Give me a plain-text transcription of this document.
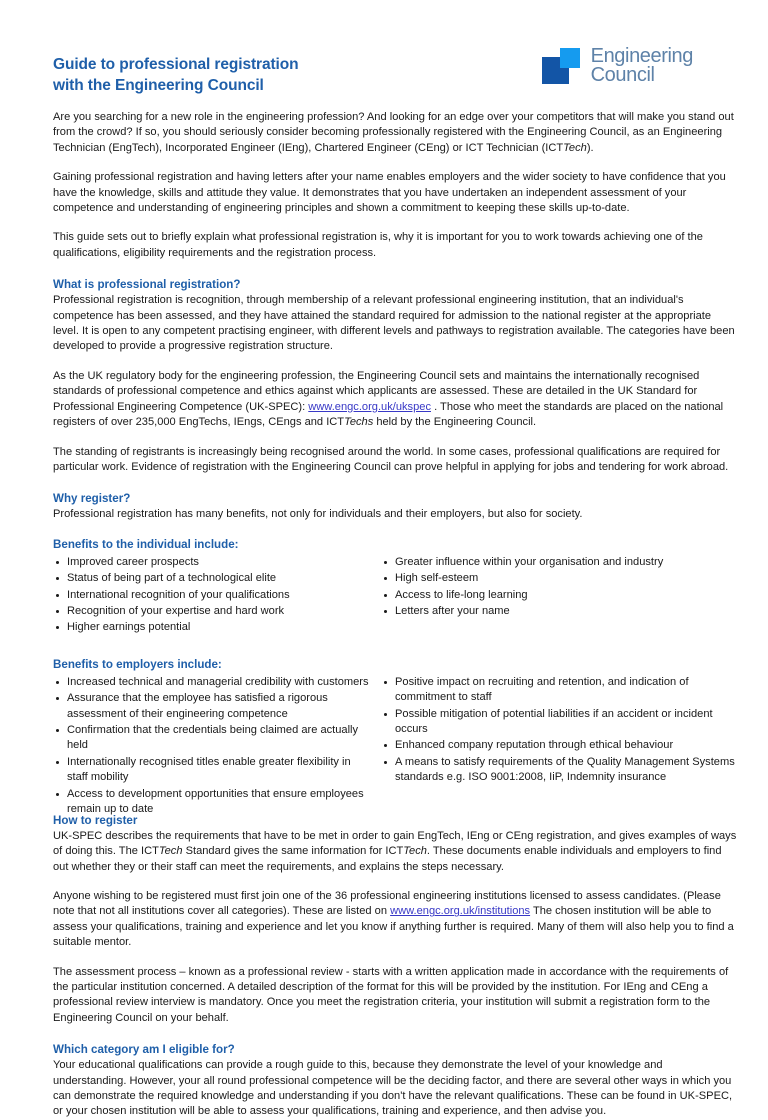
Guide to professional registration
with the Engineering Council
Engineering
Council

Are you searching for a new role in the engineering profession? And looking for an edge over your competitors that will make you stand out from the crowd? If so, you should seriously consider becoming professionally registered with the Engineering Council, as an Engineering Technician (EngTech), Incorporated Engineer (IEng), Chartered Engineer (CEng) or ICT Technician (ICTTech).

Gaining professional registration and having letters after your name enables employers and the wider society to have confidence that you have the knowledge, skills and attitude they value. It demonstrates that you have undertaken an independent assessment of your competence and understanding of engineering principles and shown a commitment to keeping these skills up-to-date.

This guide sets out to briefly explain what professional registration is, why it is important for you to work towards achieving one of the qualifications, eligibility requirements and the registration process.

What is professional registration?

Professional registration is recognition, through membership of a relevant professional engineering institution, that an individual's competence has been assessed, and they have attained the standard required for admission to the national register at the appropriate level. It is open to any competent practising engineer, with different levels and pathways to registration available. The categories have been developed to provide a progressive registration structure.

As the UK regulatory body for the engineering profession, the Engineering Council sets and maintains the internationally recognised standards of professional competence and ethics against which applicants are assessed. These are detailed in the UK Standard for Professional Engineering Competence (UK-SPEC): www.engc.org.uk/ukspec . Those who meet the standards are placed on the national registers of over 235,000 EngTechs, IEngs, CEngs and ICTTechs held by the Engineering Council.

The standing of registrants is increasingly being recognised around the world. In some cases, professional qualifications are required for particular work. Evidence of registration with the Engineering Council can prove helpful in applying for jobs and tendering for work abroad.

Why register?

Professional registration has many benefits, not only for individuals and their employers, but also for society.

Benefits to the individual include:
Improved career prospects
Status of being part of a technological elite
International recognition of your qualifications
Recognition of your expertise and hard work
Higher earnings potential
Greater influence within your organisation and industry
High self-esteem
Access to life-long learning
Letters after your name
Benefits to employers include:
Increased technical and managerial credibility with customers
Assurance that the employee has satisfied a rigorous assessment of their engineering competence
Confirmation that the credentials being claimed are actually held
Internationally recognised titles enable greater flexibility in staff mobility
Access to development opportunities that ensure employees remain up to date
Positive impact on recruiting and retention, and indication of commitment to staff
Possible mitigation of potential liabilities if an accident or incident occurs
Enhanced company reputation through ethical behaviour
A means to satisfy requirements of the Quality Management Systems standards e.g. ISO 9001:2008, IiP, Indemnity insurance
How to register

UK-SPEC describes the requirements that have to be met in order to gain EngTech, IEng or CEng registration, and gives examples of ways of doing this. The ICTTech Standard gives the same information for ICTTech. These documents enable individuals and employers to find out whether they or their staff can meet the requirements, and explains the steps necessary.

Anyone wishing to be registered must first join one of the 36 professional engineering institutions licensed to assess candidates. (Please note that not all institutions cover all categories). These are listed on www.engc.org.uk/institutions The chosen institution will be able to assess your qualifications, training and experience and let you know if anything further is required. Many of them will also help you to find a suitable mentor.

The assessment process – known as a professional review - starts with a written application made in accordance with the requirements of the particular institution concerned. A detailed description of the format for this will be provided by the institution. For IEng and CEng a professional review interview is mandatory. Once you meet the registration criteria, your institution will submit a registration form to the Engineering Council on your behalf.

Which category am I eligible for?

Your educational qualifications can provide a rough guide to this, because they demonstrate the level of your knowledge and understanding. However, your all round professional competence will be the deciding factor, and there are several other ways in which you can demonstrate the required knowledge and understanding if you don't have the relevant qualifications. These can be found in UK-SPEC, or your chosen institution will be able to assess your qualifications, training and experience, and then advise you.
